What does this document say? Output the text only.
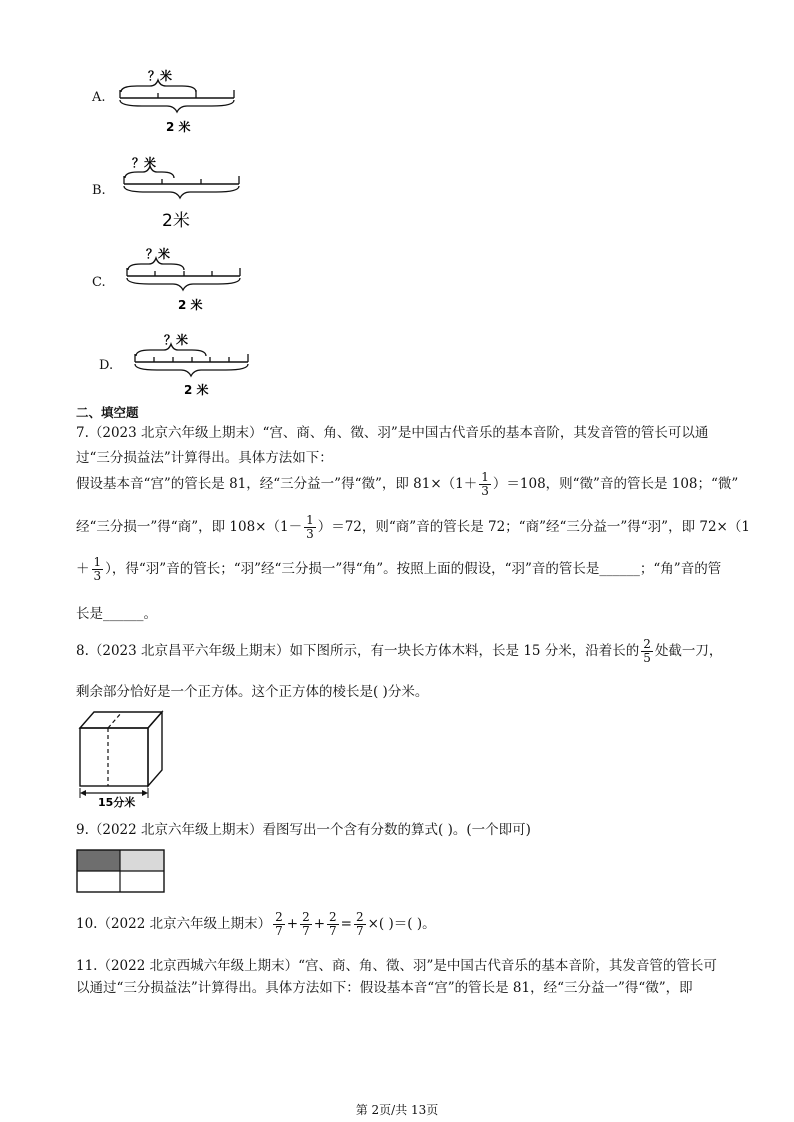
A.
？米
2 米
B.
？米
2米
C.
？米
2 米
D.
？米
2 米
二、填空题
7.（2023 北京六年级上期末）“宫、商、角、徵、羽”是中国古代音乐的基本音阶，其发音管的管长可以通
过“三分损益法”计算得出。具体方法如下：
假设基本音“宫”的管长是 81，经“三分益一”得“徵”，即 $81\times(1+ \frac{1}{3} )=108$，则“徵”音的管长是 108；“微”
经“三分损一”得“商”，即 $108\times(1- \frac{1}{3} )=72$，则“商”音的管长是 72；“商”经“三分益一”得“羽”，即 72×（1
＋ $\frac{1}{3}$ ），得“羽”音的管长；“羽”经“三分损一”得“角”。按照上面的假设，“羽”音的管长是______；“角”音的管
长是______。
8.（2023 北京昌平六年级上期末）如下图所示，有一块长方体木料，长是 15 分米，沿着长的 $\frac{2}{5}$ 处截一刀，
剩余部分恰好是一个正方体。这个正方体的棱长是( )分米。
15分米
9.（2022 北京六年级上期末）看图写出一个含有分数的算式( )。(一个即可)
10.（2022 北京六年级上期末） $\frac{2}{7} + \frac{2}{7} + \frac{2}{7} = \frac{2}{7}$ ×( )＝( )。
11.（2022 北京西城六年级上期末）“宫、商、角、徵、羽”是中国古代音乐的基本音阶，其发音管的管长可
以通过“三分损益法”计算得出。具体方法如下：假设基本音“宫”的管长是 81，经“三分益一”得“徵”，即
第 2页/共 13页
